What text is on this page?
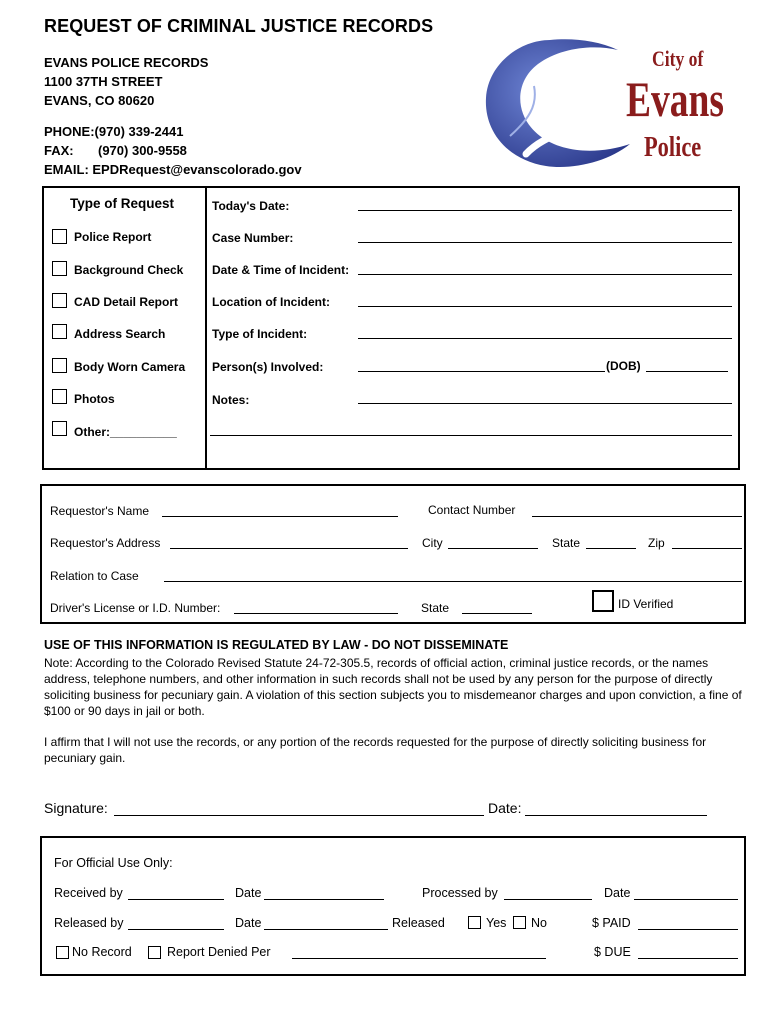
REQUEST OF CRIMINAL JUSTICE RECORDS
EVANS POLICE RECORDS
1100 37TH STREET
EVANS, CO 80620
PHONE:(970) 339-2441
FAX: (970) 300-9558
EMAIL: EPDRequest@evanscolorado.gov
City of
Evans
Police
Type of Request
Police Report
Background Check
CAD Detail Report
Address Search
Body Worn Camera
Photos
Other:__________
Today's Date:
Case Number:
Date & Time of Incident:
Location of Incident:
Type of Incident:
Person(s) Involved:	(DOB)
Notes:
Requestor's Name	Contact Number
Requestor's Address	City	State	Zip
Relation to Case
Driver's License or I.D. Number:	State	ID Verified
USE OF THIS INFORMATION IS REGULATED BY LAW - DO NOT DISSEMINATE
Note: According to the Colorado Revised Statute 24-72-305.5, records of official action, criminal justice records, or the names address, telephone numbers, and other information in such records shall not be used by any person for the purpose of directly soliciting business for pecuniary gain. A violation of this section subjects you to misdemeanor charges and upon conviction, a fine of $100 or 90 days in jail or both.
I affirm that I will not use the records, or any portion of the records requested for the purpose of directly soliciting business for pecuniary gain.
Signature:	Date:
For Official Use Only:
Received by	Date	Processed by	Date
Released by	Date	Released	Yes No	$ PAID
No Record	Report Denied Per	$ DUE
